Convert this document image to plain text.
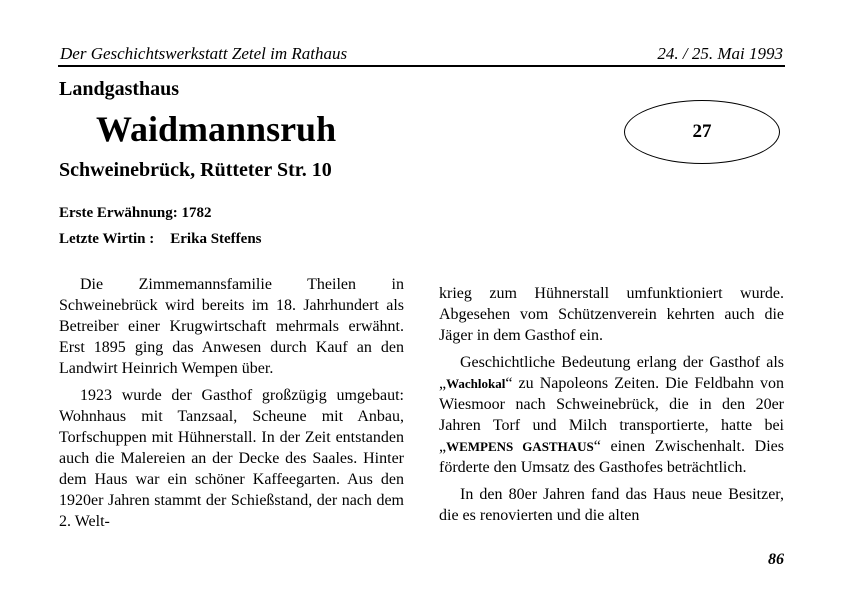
Der Geschichtswerkstatt Zetel im Rathaus	24. / 25. Mai 1993
Landgasthaus
Waidmannsruh
Schweinebrück, Rütteter Str. 10
27
Erste Erwähnung: 1782
Letzte Wirtin : Erika Steffens

Die Zimmemannsfamilie Theilen in Schweinebrück wird bereits im 18. Jahrhundert als Betreiber einer Krugwirtschaft mehrmals erwähnt. Erst 1895 ging das Anwesen durch Kauf an den Landwirt Heinrich Wempen über.

1923 wurde der Gasthof großzügig umgebaut: Wohnhaus mit Tanzsaal, Scheune mit Anbau, Torfschuppen mit Hühnerstall. In der Zeit entstanden auch die Malereien an der Decke des Saales. Hinter dem Haus war ein schöner Kaffeegarten. Aus den 1920er Jahren stammt der Schießstand, der nach dem 2. Welt-

krieg zum Hühnerstall umfunktioniert wurde. Abgesehen vom Schützenverein kehrten auch die Jäger in dem Gasthof ein.

Geschichtliche Bedeutung erlang der Gasthof als „Wachlokal“ zu Napoleons Zeiten. Die Feldbahn von Wiesmoor nach Schweinebrück, die in den 20er Jahren Torf und Milch transportierte, hatte bei „WEMPENS GASTHAUS“ einen Zwischenhalt. Dies förderte den Umsatz des Gasthofes beträchtlich.

In den 80er Jahren fand das Haus neue Besitzer, die es renovierten und die alten

86
